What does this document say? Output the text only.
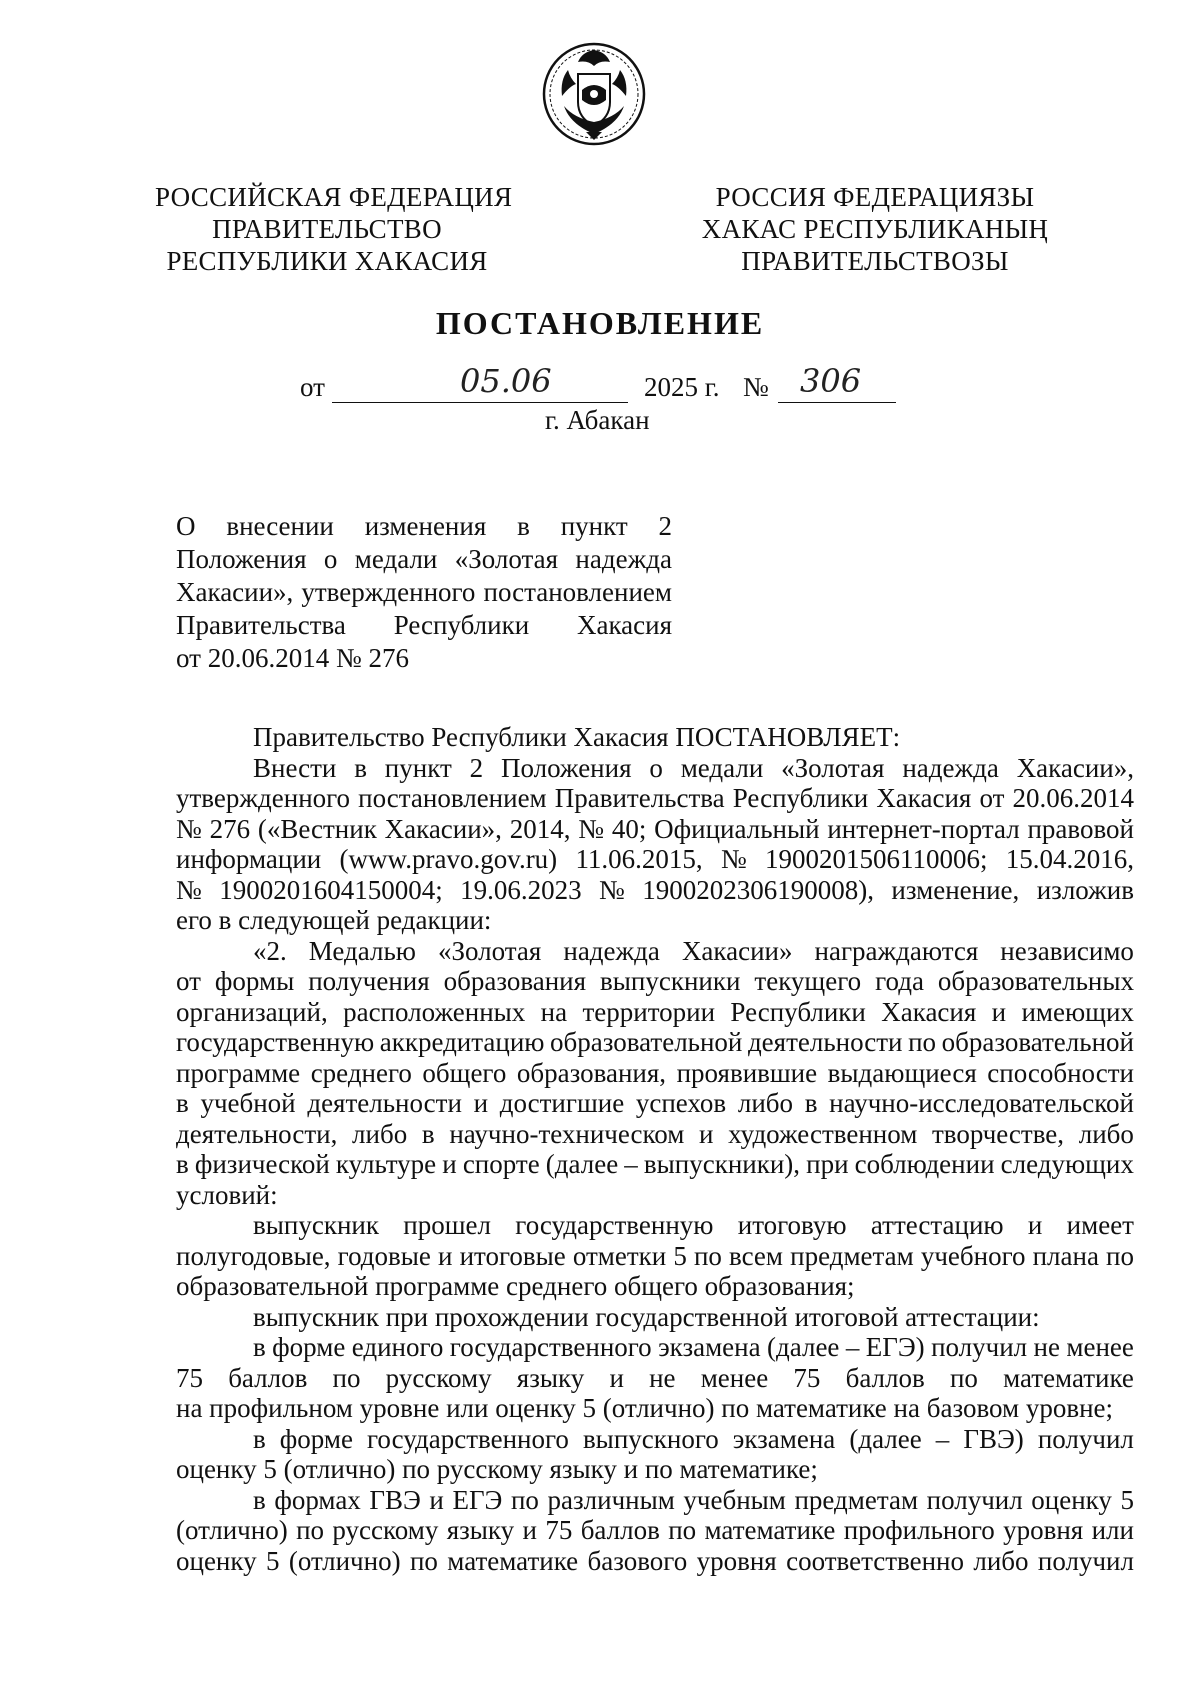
РОССИЙСКАЯ ФЕДЕРАЦИЯ
ПРАВИТЕЛЬСТВО
РЕСПУБЛИКИ ХАКАСИЯ
РОССИЯ ФЕДЕРАЦИЯЗЫ
ХАКАС РЕСПУБЛИКАНЫҢ
ПРАВИТЕЛЬСТВОЗЫ
ПОСТАНОВЛЕНИЕ
от	05.06	2025 г. № 306
г. Абакан
О внесении изменения в пункт 2
Положения о медали «Золотая надежда
Хакасии», утвержденного постановлением
Правительства Республики Хакасия
от 20.06.2014 № 276
Правительство Республики Хакасия ПОСТАНОВЛЯЕТ:
Внести в пункт 2 Положения о медали «Золотая надежда Хакасии»,
утвержденного постановлением Правительства Республики Хакасия от 20.06.2014
№ 276 («Вестник Хакасии», 2014, № 40; Официальный интернет-портал правовой
информации (www.pravo.gov.ru) 11.06.2015, № 1900201506110006; 15.04.2016,
№ 1900201604150004; 19.06.2023 № 1900202306190008), изменение, изложив
его в следующей редакции:
«2. Медалью «Золотая надежда Хакасии» награждаются независимо
от формы получения образования выпускники текущего года образовательных
организаций, расположенных на территории Республики Хакасия и имеющих
государственную аккредитацию образовательной деятельности по образовательной
программе среднего общего образования, проявившие выдающиеся способности
в учебной деятельности и достигшие успехов либо в научно-исследовательской
деятельности, либо в научно-техническом и художественном творчестве, либо
в физической культуре и спорте (далее – выпускники), при соблюдении следующих
условий:
выпускник прошел государственную итоговую аттестацию и имеет
полугодовые, годовые и итоговые отметки 5 по всем предметам учебного плана по
образовательной программе среднего общего образования;
выпускник при прохождении государственной итоговой аттестации:
в форме единого государственного экзамена (далее – ЕГЭ) получил не менее
75 баллов по русскому языку и не менее 75 баллов по математике
на профильном уровне или оценку 5 (отлично) по математике на базовом уровне;
в форме государственного выпускного экзамена (далее – ГВЭ) получил
оценку 5 (отлично) по русскому языку и по математике;
в формах ГВЭ и ЕГЭ по различным учебным предметам получил оценку 5
(отлично) по русскому языку и 75 баллов по математике профильного уровня или
оценку 5 (отлично) по математике базового уровня соответственно либо получил
